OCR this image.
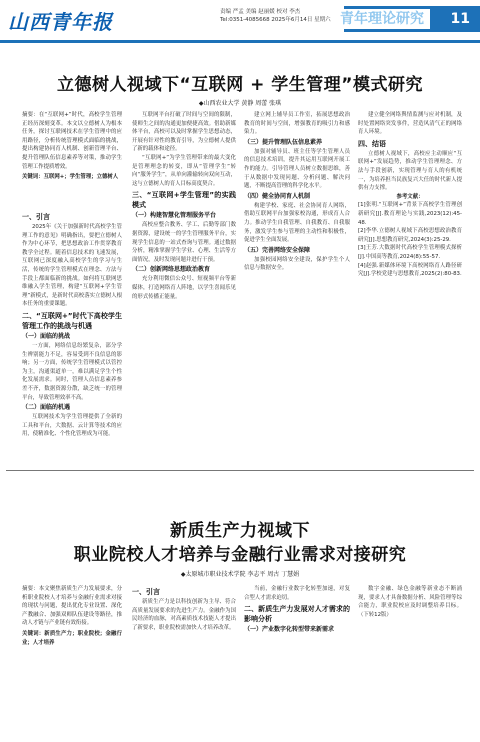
山西青年报	责编 严孟 美编 赵丽媛 校对 李杰
Tel:0351-4085668 2025年6月14日 星期六 青年理论研究	11
立德树人视域下“互联网 + 学生管理”模式研究
◆山西农业大学 黄静 周蕾 张琪
摘要：在“互联网+”时代，高校学生管理正经历深刻变革。本文以立德树人为根本任务，探讨互联网技术在学生管理中的应用路径，分析传统管理模式面临的挑战，提出构建协同育人机制、创新管理平台、提升管理队伍信息素养等对策，推动学生管理工作提质增效。
关键词：互联网+；学生管理；立德树人
一、引言

2025年《关于加强新时代高校学生管理工作的意见》明确指出，要把立德树人作为中心环节，把思想政治工作贯穿教育教学全过程。随着信息技术的飞速发展，互联网已深度融入高校学生的学习与生活，传统的学生管理模式在理念、方法与手段上都面临新的挑战。如何将互联网思维融入学生管理，构建“互联网+学生管理”新模式，是新时代高校落实立德树人根本任务的重要课题。

二、“互联网+”时代下高校学生管理工作的挑战与机遇
（一）面临的挑战

一方面，网络信息纷繁复杂，部分学生辨别能力不足，容易受到不良信息的影响；另一方面，传统学生管理模式以管控为主，沟通渠道单一，难以满足学生个性化发展需求。同时，管理人员信息素养参差不齐，数据资源分散，缺乏统一的管理平台，导致管理效率不高。

（二）面临的机遇

互联网技术为学生管理提供了全新的工具和平台，大数据、云计算等技术的应用，使精准化、个性化管理成为可能。

互联网平台打破了时间与空间的限制，使师生之间的沟通更加便捷高效。借助新媒体平台，高校可以及时掌握学生思想动态，开展有针对性的教育引导，为立德树人提供了新的载体和途径。

“互联网+”为学生管理带来的最大变化是管理理念的转变，即从“管理学生”转向“服务学生”，从单向灌输转向双向互动，这与立德树人的育人目标高度契合。

三、“互联网+学生管理”的实践模式
（一）构建智慧化管理服务平台

高校应整合教务、学工、后勤等部门数据资源，建设统一的学生管理服务平台，实现学生信息的一站式查询与管理。通过数据分析，精准掌握学生学业、心理、生活等方面情况，及时发现问题并进行干预。

（二）创新网络思想政治教育

充分利用微信公众号、短视频平台等新媒体，打造网络育人阵地，以学生喜闻乐见的形式传播正能量。

建立网上辅导员工作室，拓展思想政治教育的时间与空间，增强教育的吸引力和感染力。

（三）提升管理队伍信息素养

加强对辅导员、班主任等学生管理人员的信息技术培训，提升其运用互联网开展工作的能力。引导管理人员树立数据思维，善于从数据中发现问题、分析问题、解决问题，不断提高管理的科学化水平。

（四）健全协同育人机制

构建学校、家庭、社会协同育人网络，借助互联网平台加强家校沟通，形成育人合力。推动学生自我管理、自我教育、自我服务，激发学生参与管理的主动性和积极性，促进学生全面发展。

（五）完善网络安全保障

加强校园网络安全建设，保护学生个人信息与数据安全。

建立健全网络舆情监测与应对机制，及时处置网络突发事件，营造风清气正的网络育人环境。

四、结语

立德树人视域下，高校应主动顺应“互联网+”发展趋势，推动学生管理理念、方法与手段创新，实现管理与育人的有机统一，为培养担当民族复兴大任的时代新人提供有力支撑。

参考文献：
[1]张明.“互联网+”背景下高校学生管理创新研究[J].教育理论与实践,2023(12):45-48.
[2]李华.立德树人视域下高校思想政治教育研究[J].思想教育研究,2024(3):25-29.
[3]王芳.大数据时代高校学生管理模式探析[J].中国高等教育,2024(8):55-57.
[4]赵强.新媒体环境下高校网络育人路径研究[J].学校党建与思想教育,2025(2):80-83.
新质生产力视域下
职业院校人才培养与金融行业需求对接研究
◆太原城市职业技术学院 李志平 周古 丁慧娟
摘要：本文聚焦新质生产力发展要求，分析职业院校人才培养与金融行业需求对接的现状与问题，提出优化专业设置、深化产教融合、加强双师队伍建设等路径，推动人才链与产业链有效衔接。
关键词：新质生产力；职业院校；金融行业；人才培养
一、引言

新质生产力是以科技创新为主导、符合高质量发展要求的先进生产力。金融作为国民经济的血脉，对高素质技术技能人才提出了新要求，职业院校需加快人才培养改革。

当前，金融行业数字化转型加速，对复合型人才需求迫切。

二、新质生产力发展对人才需求的影响分析
（一）产业数字化转型带来新需求

数字金融、绿色金融等新业态不断涌现，要求人才具备数据分析、风险管理等综合能力，职业院校应及时调整培养目标。（下转12版）
